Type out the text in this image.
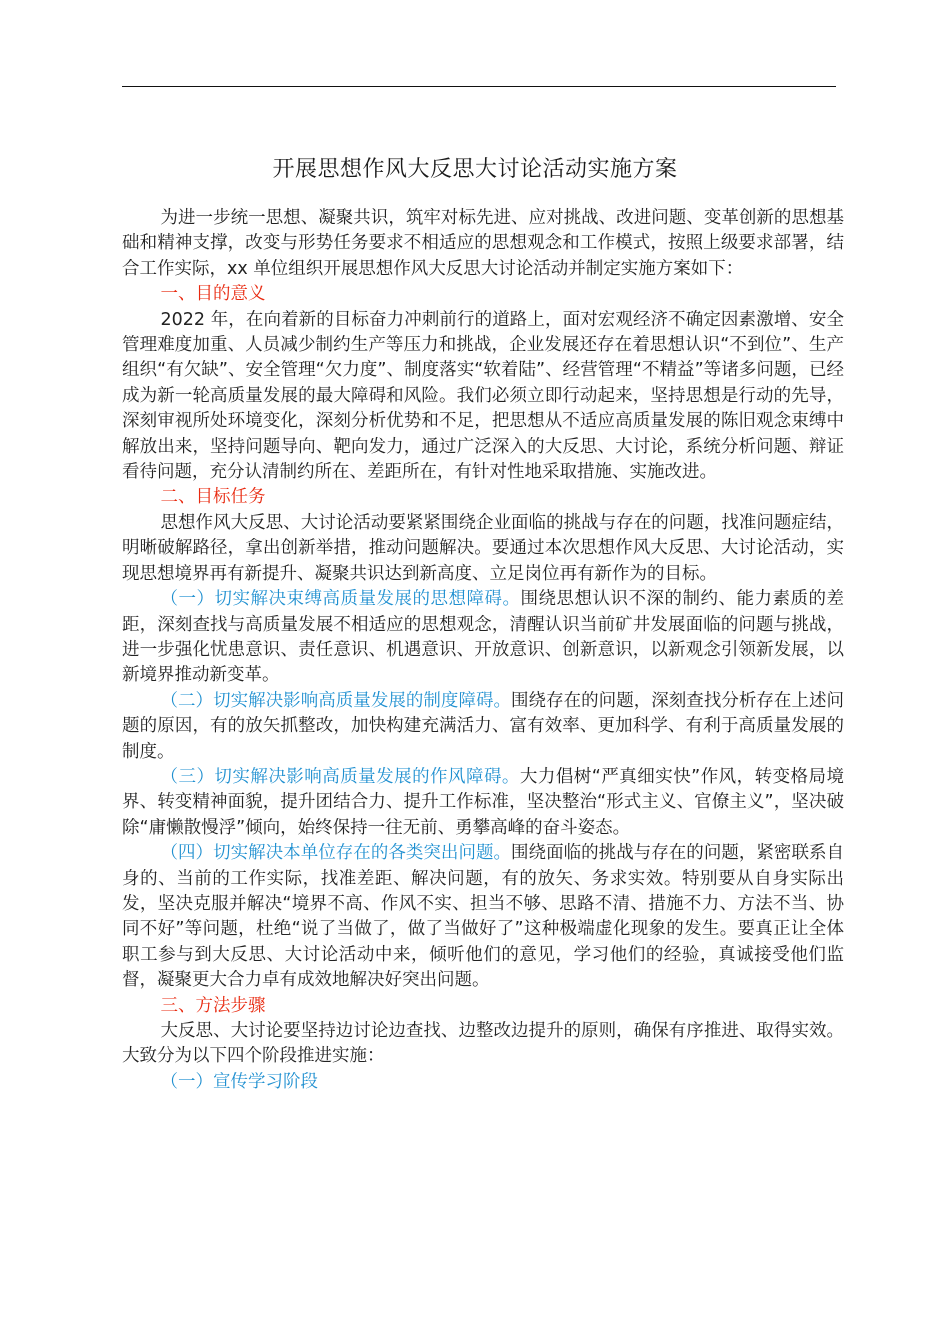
开展思想作风大反思大讨论活动实施方案

为进一步统一思想、凝聚共识，筑牢对标先进、应对挑战、改进问题、变革创新的思想基础和精神支撑，改变与形势任务要求不相适应的思想观念和工作模式，按照上级要求部署，结合工作实际，xx 单位组织开展思想作风大反思大讨论活动并制定实施方案如下：

一、目的意义

2022 年，在向着新的目标奋力冲刺前行的道路上，面对宏观经济不确定因素激增、安全管理难度加重、人员减少制约生产等压力和挑战，企业发展还存在着思想认识“不到位”、生产组织“有欠缺”、安全管理“欠力度”、制度落实“软着陆”、经营管理“不精益”等诸多问题，已经成为新一轮高质量发展的最大障碍和风险。我们必须立即行动起来，坚持思想是行动的先导，深刻审视所处环境变化，深刻分析优势和不足，把思想从不适应高质量发展的陈旧观念束缚中解放出来，坚持问题导向、靶向发力，通过广泛深入的大反思、大讨论，系统分析问题、辩证看待问题，充分认清制约所在、差距所在，有针对性地采取措施、实施改进。

二、目标任务

思想作风大反思、大讨论活动要紧紧围绕企业面临的挑战与存在的问题，找准问题症结，明晰破解路径，拿出创新举措，推动问题解决。要通过本次思想作风大反思、大讨论活动，实现思想境界再有新提升、凝聚共识达到新高度、立足岗位再有新作为的目标。

（一）切实解决束缚高质量发展的思想障碍。围绕思想认识不深的制约、能力素质的差距，深刻查找与高质量发展不相适应的思想观念，清醒认识当前矿井发展面临的问题与挑战，进一步强化忧患意识、责任意识、机遇意识、开放意识、创新意识，以新观念引领新发展，以新境界推动新变革。

（二）切实解决影响高质量发展的制度障碍。围绕存在的问题，深刻查找分析存在上述问题的原因，有的放矢抓整改，加快构建充满活力、富有效率、更加科学、有利于高质量发展的制度。

（三）切实解决影响高质量发展的作风障碍。大力倡树“严真细实快”作风，转变格局境界、转变精神面貌，提升团结合力、提升工作标准，坚决整治“形式主义、官僚主义”，坚决破除“庸懒散慢浮”倾向，始终保持一往无前、勇攀高峰的奋斗姿态。

（四）切实解决本单位存在的各类突出问题。围绕面临的挑战与存在的问题，紧密联系自身的、当前的工作实际，找准差距、解决问题，有的放矢、务求实效。特别要从自身实际出发，坚决克服并解决“境界不高、作风不实、担当不够、思路不清、措施不力、方法不当、协同不好”等问题，杜绝“说了当做了，做了当做好了”这种极端虚化现象的发生。要真正让全体职工参与到大反思、大讨论活动中来，倾听他们的意见，学习他们的经验，真诚接受他们监督，凝聚更大合力卓有成效地解决好突出问题。

三、方法步骤

大反思、大讨论要坚持边讨论边查找、边整改边提升的原则，确保有序推进、取得实效。大致分为以下四个阶段推进实施：

（一）宣传学习阶段
